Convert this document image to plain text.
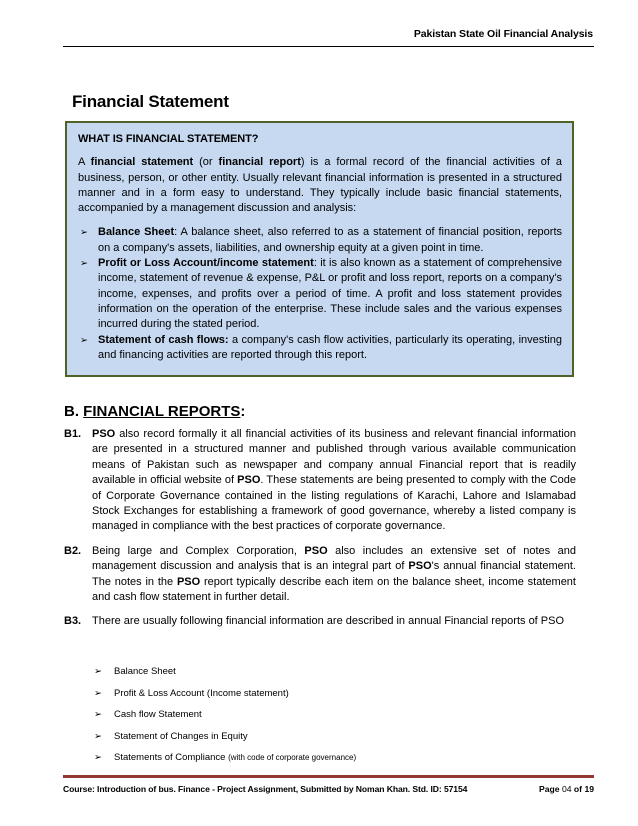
Pakistan State Oil Financial Analysis
Financial Statement
WHAT IS FINANCIAL STATEMENT?
A financial statement (or financial report) is a formal record of the financial activities of a business, person, or other entity. Usually relevant financial information is presented in a structured manner and in a form easy to understand. They typically include basic financial statements, accompanied by a management discussion and analysis:
➢ Balance Sheet: A balance sheet, also referred to as a statement of financial position, reports on a company's assets, liabilities, and ownership equity at a given point in time.
➢ Profit or Loss Account/income statement: it is also known as a statement of comprehensive income, statement of revenue & expense, P&L or profit and loss report, reports on a company's income, expenses, and profits over a period of time. A profit and loss statement provides information on the operation of the enterprise. These include sales and the various expenses incurred during the stated period.
➢ Statement of cash flows: a company's cash flow activities, particularly its operating, investing and financing activities are reported through this report.
B. FINANCIAL REPORTS:
B1. PSO also record formally it all financial activities of its business and relevant financial information are presented in a structured manner and published through various available communication means of Pakistan such as newspaper and company annual Financial report that is readily available in official website of PSO. These statements are being presented to comply with the Code of Corporate Governance contained in the listing regulations of Karachi, Lahore and Islamabad Stock Exchanges for establishing a framework of good governance, whereby a listed company is managed in compliance with the best practices of corporate governance.
B2. Being large and Complex Corporation, PSO also includes an extensive set of notes and management discussion and analysis that is an integral part of PSO's annual financial statement. The notes in the PSO report typically describe each item on the balance sheet, income statement and cash flow statement in further detail.
B3. There are usually following financial information are described in annual Financial reports of PSO
➢	Balance Sheet
➢	Profit & Loss Account (Income statement)
➢	Cash flow Statement
➢	Statement of Changes in Equity
➢	Statements of Compliance (with code of corporate governance)
Course: Introduction of bus. Finance - Project Assignment, Submitted by Noman Khan. Std. ID: 57154	Page 04 of 19
